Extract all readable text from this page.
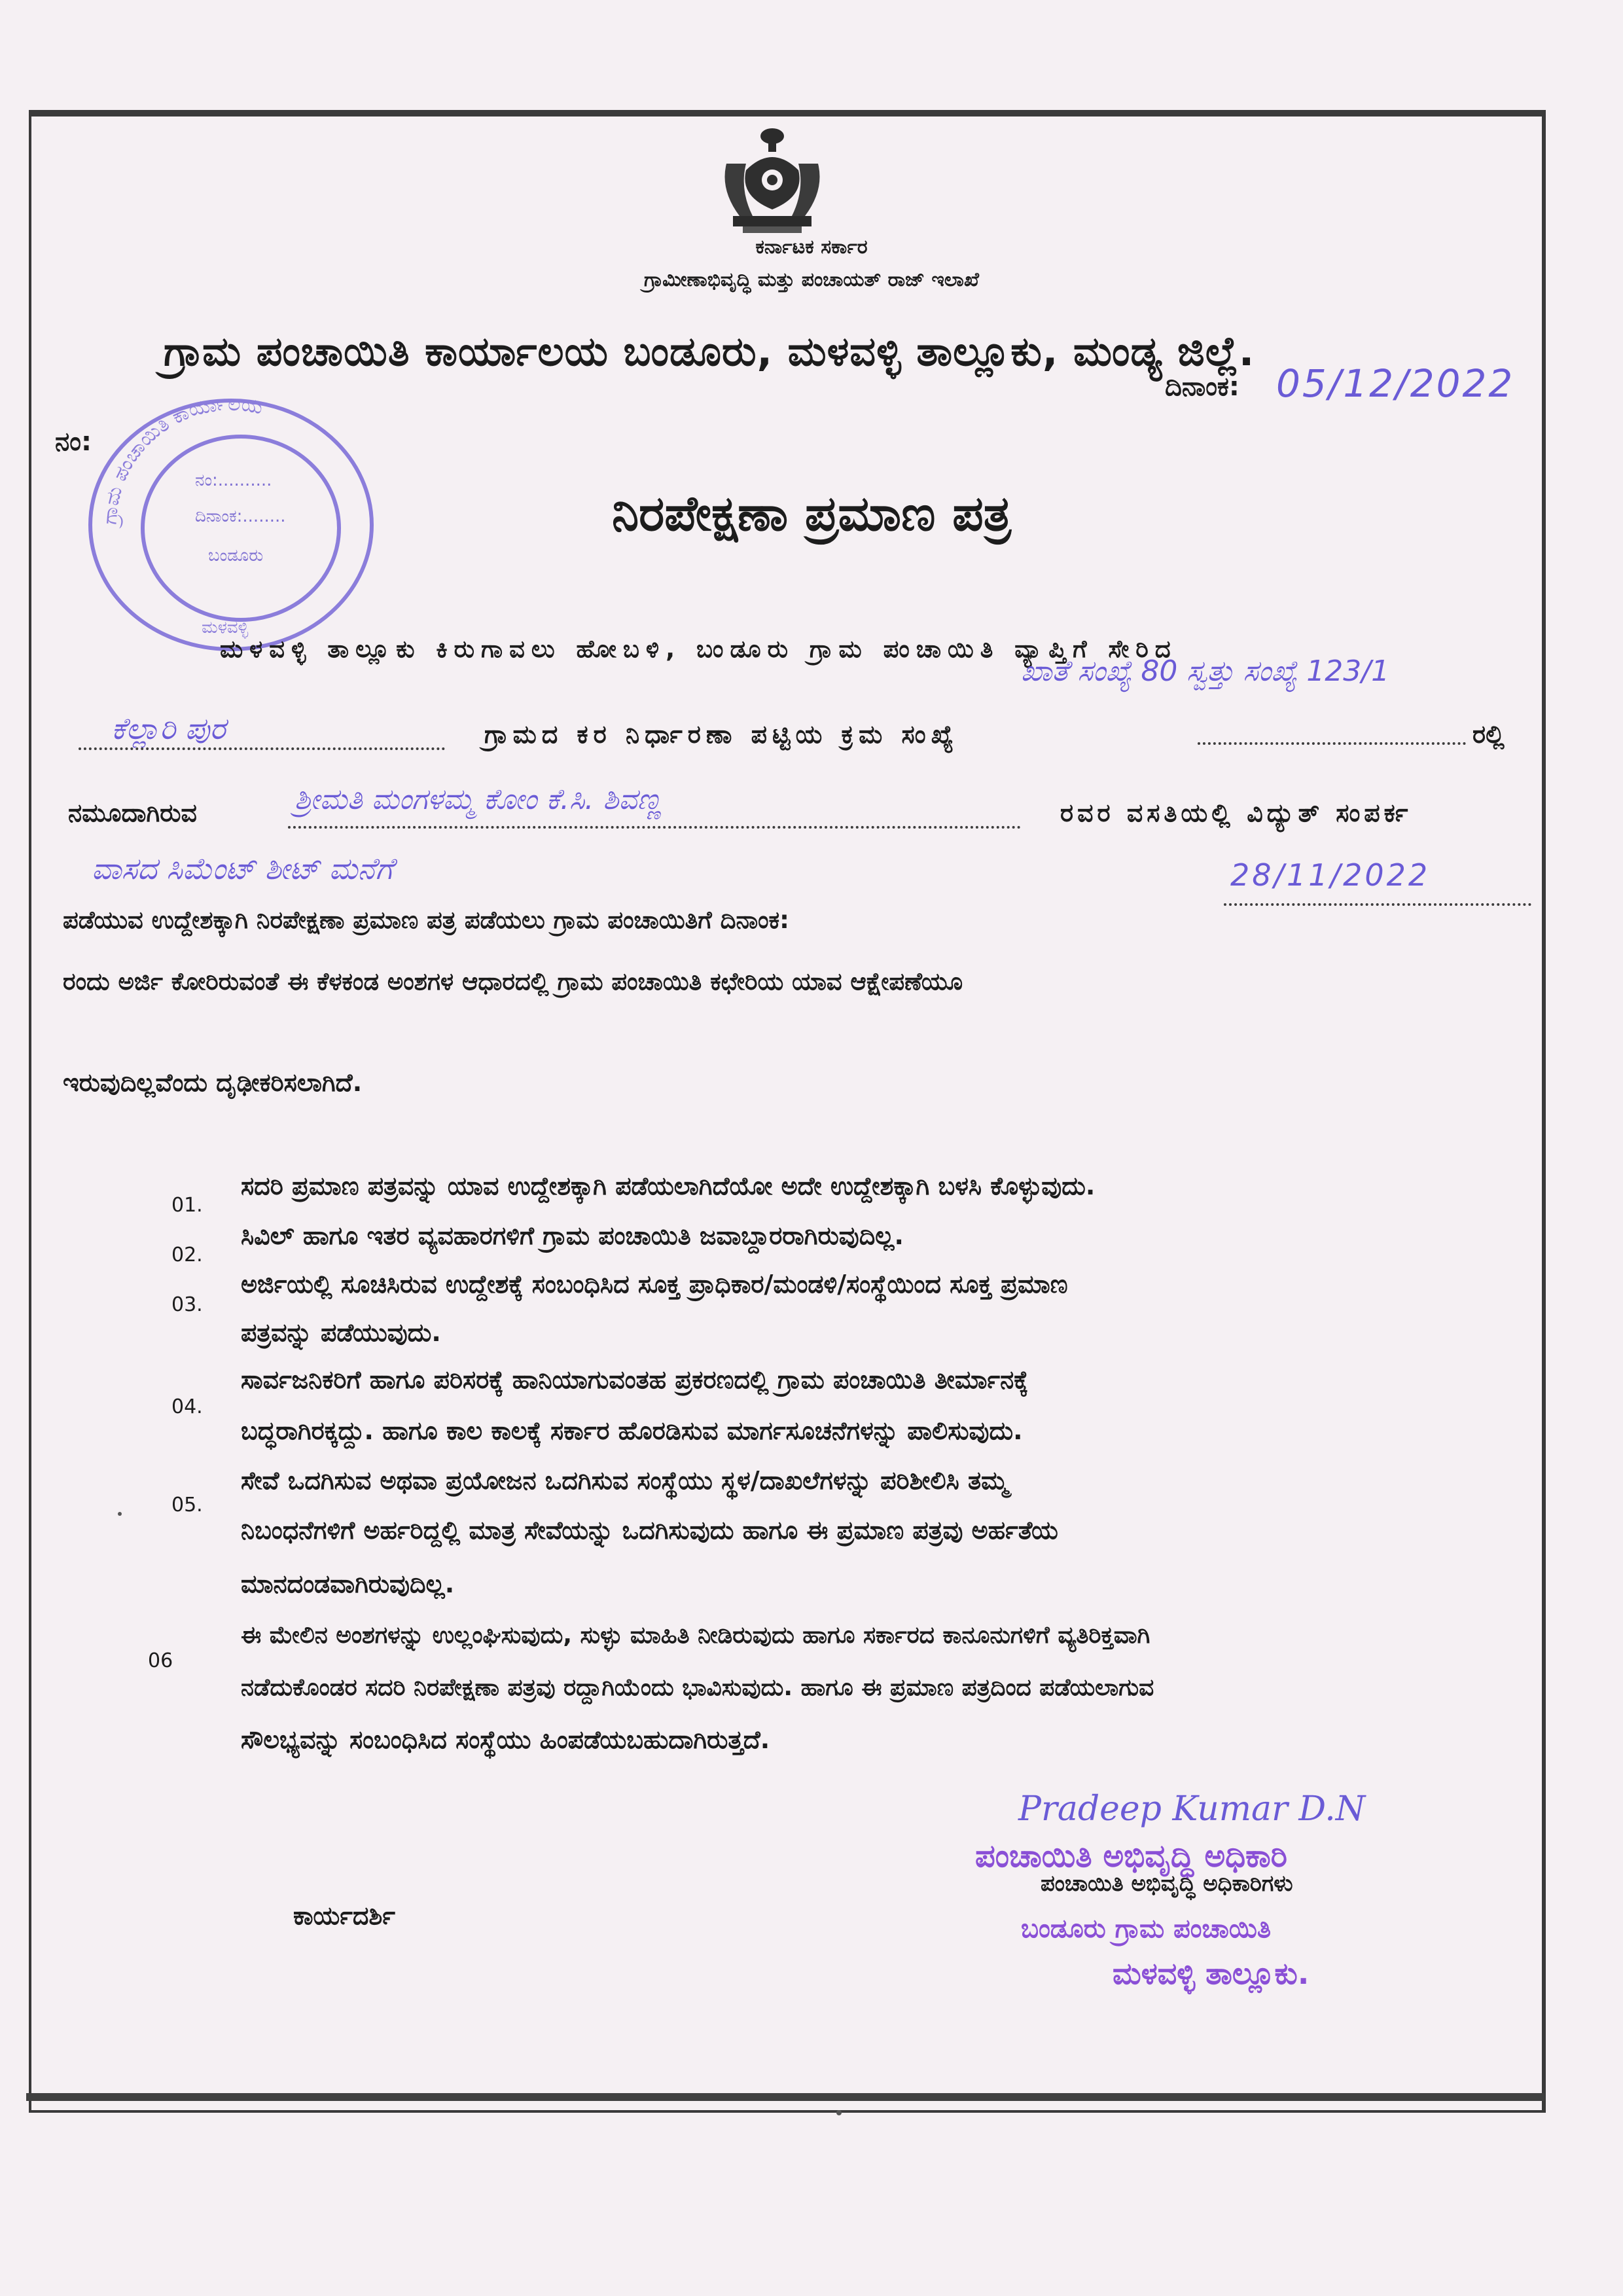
ಕರ್ನಾಟಕ ಸರ್ಕಾರ
ಗ್ರಾಮೀಣಾಭಿವೃದ್ಧಿ ಮತ್ತು ಪಂಚಾಯತ್ ರಾಜ್ ಇಲಾಖೆ
ಗ್ರಾಮ ಪಂಚಾಯಿತಿ ಕಾರ್ಯಾಲಯ ಬಂಡೂರು, ಮಳವಳ್ಳಿ ತಾಲ್ಲೂಕು, ಮಂಡ್ಯ ಜಿಲ್ಲೆ.
ದಿನಾಂಕ: 05/12/2022
ನಂ:
ಗ್ರಾಮ ಪಂಚಾಯಿತಿ ಕಾರ್ಯಾಲಯ
ನಂ:..........
ದಿನಾಂಕ:........
ಬಂಡೂರು
ಮಳವಳ್ಳಿ
ನಿರಪೇಕ್ಷಣಾ ಪ್ರಮಾಣ ಪತ್ರ
ಮಳವಳ್ಳಿ ತಾಲ್ಲೂಕು ಕಿರುಗಾವಲು ಹೋಬಳಿ, ಬಂಡೂರು ಗ್ರಾಮ ಪಂಚಾಯಿತಿ ವ್ಯಾಪ್ತಿಗೆ ಸೇರಿದ
ಖಾತೆ ಸಂಖ್ಯೆ 80 ಸ್ವತ್ತು ಸಂಖ್ಯೆ 123/1
ಕೆಲ್ಲಾರಿ ಪುರ	ಗ್ರಾಮದ ಕರ ನಿರ್ಧಾರಣಾ ಪಟ್ಟಿಯ ಕ್ರಮ ಸಂಖ್ಯೆ	ರಲ್ಲಿ
ನಮೂದಾಗಿರುವ	ಶ್ರೀಮತಿ ಮಂಗಳಮ್ಮ ಕೋಂ ಕೆ.ಸಿ. ಶಿವಣ್ಣ	ರವರ ವಸತಿಯಲ್ಲಿ ವಿದ್ಯುತ್ ಸಂಪರ್ಕ
ವಾಸದ ಸಿಮೆಂಟ್ ಶೀಟ್ ಮನೆಗೆ
ಪಡೆಯುವ ಉದ್ದೇಶಕ್ಕಾಗಿ ನಿರಪೇಕ್ಷಣಾ ಪ್ರಮಾಣ ಪತ್ರ ಪಡೆಯಲು ಗ್ರಾಮ ಪಂಚಾಯಿತಿಗೆ ದಿನಾಂಕ:
28/11/2022
ರಂದು ಅರ್ಜಿ ಕೋರಿರುವಂತೆ ಈ ಕೆಳಕಂಡ ಅಂಶಗಳ ಆಧಾರದಲ್ಲಿ ಗ್ರಾಮ ಪಂಚಾಯಿತಿ ಕಛೇರಿಯ ಯಾವ ಆಕ್ಷೇಪಣೆಯೂ
ಇರುವುದಿಲ್ಲವೆಂದು ದೃಢೀಕರಿಸಲಾಗಿದೆ.
01.
ಸದರಿ ಪ್ರಮಾಣ ಪತ್ರವನ್ನು ಯಾವ ಉದ್ದೇಶಕ್ಕಾಗಿ ಪಡೆಯಲಾಗಿದೆಯೋ ಅದೇ ಉದ್ದೇಶಕ್ಕಾಗಿ ಬಳಸಿ ಕೊಳ್ಳುವುದು.
02.
ಸಿವಿಲ್ ಹಾಗೂ ಇತರ ವ್ಯವಹಾರಗಳಿಗೆ ಗ್ರಾಮ ಪಂಚಾಯಿತಿ ಜವಾಬ್ದಾರರಾಗಿರುವುದಿಲ್ಲ.
03.
ಅರ್ಜಿಯಲ್ಲಿ ಸೂಚಿಸಿರುವ ಉದ್ದೇಶಕ್ಕೆ ಸಂಬಂಧಿಸಿದ ಸೂಕ್ತ ಪ್ರಾಧಿಕಾರ/ಮಂಡಳಿ/ಸಂಸ್ಥೆಯಿಂದ ಸೂಕ್ತ ಪ್ರಮಾಣ
ಪತ್ರವನ್ನು ಪಡೆಯುವುದು.
04.
ಸಾರ್ವಜನಿಕರಿಗೆ ಹಾಗೂ ಪರಿಸರಕ್ಕೆ ಹಾನಿಯಾಗುವಂತಹ ಪ್ರಕರಣದಲ್ಲಿ ಗ್ರಾಮ ಪಂಚಾಯಿತಿ ತೀರ್ಮಾನಕ್ಕೆ
ಬದ್ಧರಾಗಿರಕ್ಕದ್ದು. ಹಾಗೂ ಕಾಲ ಕಾಲಕ್ಕೆ ಸರ್ಕಾರ ಹೊರಡಿಸುವ ಮಾರ್ಗಸೂಚನೆಗಳನ್ನು ಪಾಲಿಸುವುದು.
05.
ಸೇವೆ ಒದಗಿಸುವ ಅಥವಾ ಪ್ರಯೋಜನ ಒದಗಿಸುವ ಸಂಸ್ಥೆಯು ಸ್ಥಳ/ದಾಖಲೆಗಳನ್ನು ಪರಿಶೀಲಿಸಿ ತಮ್ಮ
ನಿಬಂಧನೆಗಳಿಗೆ ಅರ್ಹರಿದ್ದಲ್ಲಿ ಮಾತ್ರ ಸೇವೆಯನ್ನು ಒದಗಿಸುವುದು ಹಾಗೂ ಈ ಪ್ರಮಾಣ ಪತ್ರವು ಅರ್ಹತೆಯ
ಮಾನದಂಡವಾಗಿರುವುದಿಲ್ಲ.
06
ಈ ಮೇಲಿನ ಅಂಶಗಳನ್ನು ಉಲ್ಲಂಘಿಸುವುದು, ಸುಳ್ಳು ಮಾಹಿತಿ ನೀಡಿರುವುದು ಹಾಗೂ ಸರ್ಕಾರದ ಕಾನೂನುಗಳಿಗೆ ವ್ಯತಿರಿಕ್ತವಾಗಿ
ನಡೆದುಕೊಂಡರ ಸದರಿ ನಿರಪೇಕ್ಷಣಾ ಪತ್ರವು ರದ್ದಾಗಿಯೆಂದು ಭಾವಿಸುವುದು. ಹಾಗೂ ಈ ಪ್ರಮಾಣ ಪತ್ರದಿಂದ ಪಡೆಯಲಾಗುವ
ಸೌಲಭ್ಯವನ್ನು ಸಂಬಂಧಿಸಿದ ಸಂಸ್ಥೆಯು ಹಿಂಪಡೆಯಬಹುದಾಗಿರುತ್ತದೆ.
ಕಾರ್ಯದರ್ಶಿ
Pradeep Kumar D.N
ಪಂಚಾಯಿತಿ ಅಭಿವೃದ್ಧಿ ಅಧಿಕಾರಿ
ಪಂಚಾಯಿತಿ ಅಭಿವೃದ್ಧಿ ಅಧಿಕಾರಿಗಳು
ಬಂಡೂರು ಗ್ರಾಮ ಪಂಚಾಯಿತಿ
ಮಳವಳ್ಳಿ ತಾಲ್ಲೂಕು.
